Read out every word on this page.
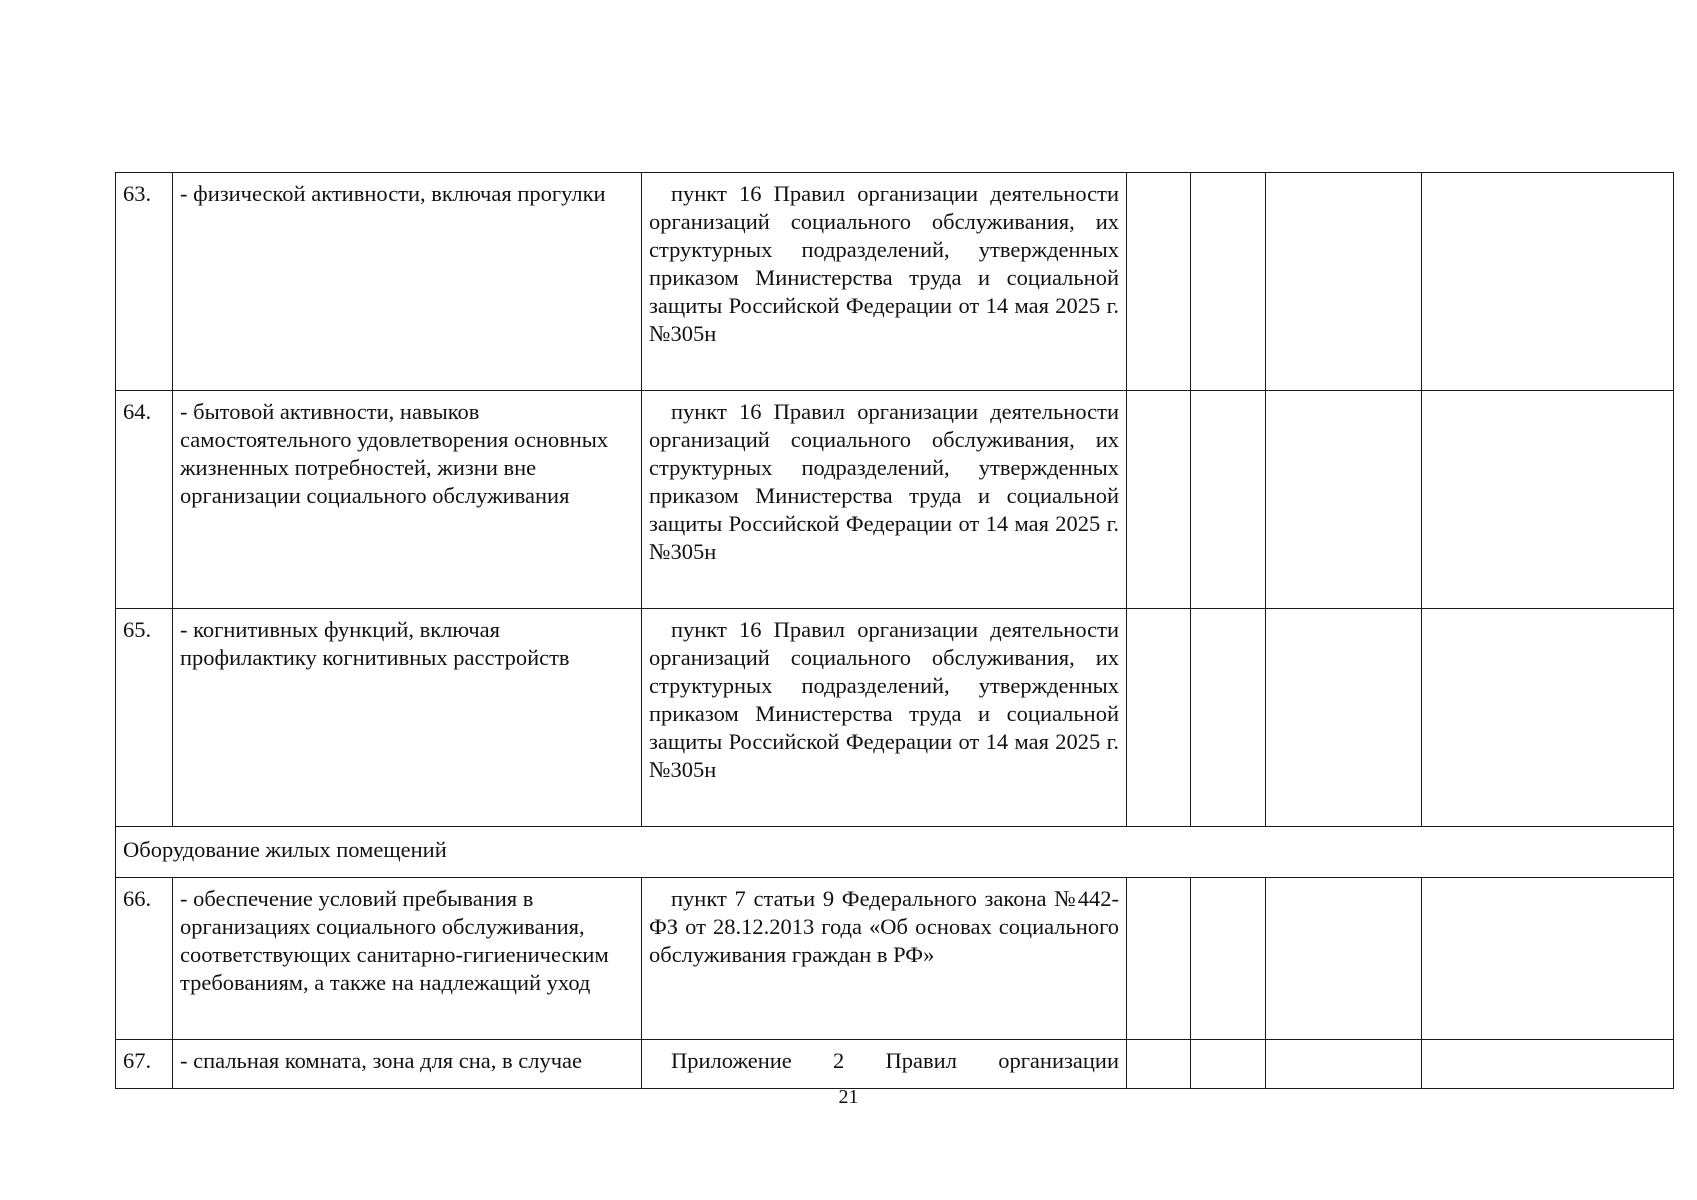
63.	- физической активности, включая прогулки	пункт 16 Правил организации деятельности организаций социального обслуживания, их структурных подразделений, утвержденных приказом Министерства труда и социальной защиты Российской Федерации от 14 мая 2025 г. №305н				

64.	- бытовой активности, навыков самостоятельного удовлетворения основных жизненных потребностей, жизни вне организации социального обслуживания	пункт 16 Правил организации деятельности организаций социального обслуживания, их структурных подразделений, утвержденных приказом Министерства труда и социальной защиты Российской Федерации от 14 мая 2025 г. №305н				

65.	- когнитивных функций, включая профилактику когнитивных расстройств	пункт 16 Правил организации деятельности организаций социального обслуживания, их структурных подразделений, утвержденных приказом Министерства труда и социальной защиты Российской Федерации от 14 мая 2025 г. №305н				

Оборудование жилых помещений						
66.	- обеспечение условий пребывания в организациях социального обслуживания, соответствующих санитарно-гигиеническим требованиям, а также на надлежащий уход	пункт 7 статьи 9 Федерального закона №442-ФЗ от 28.12.2013 года «Об основах социального обслуживания граждан в РФ»				

67.	- спальная комната, зона для сна, в случае	Приложение 2 Правил организации				

21
